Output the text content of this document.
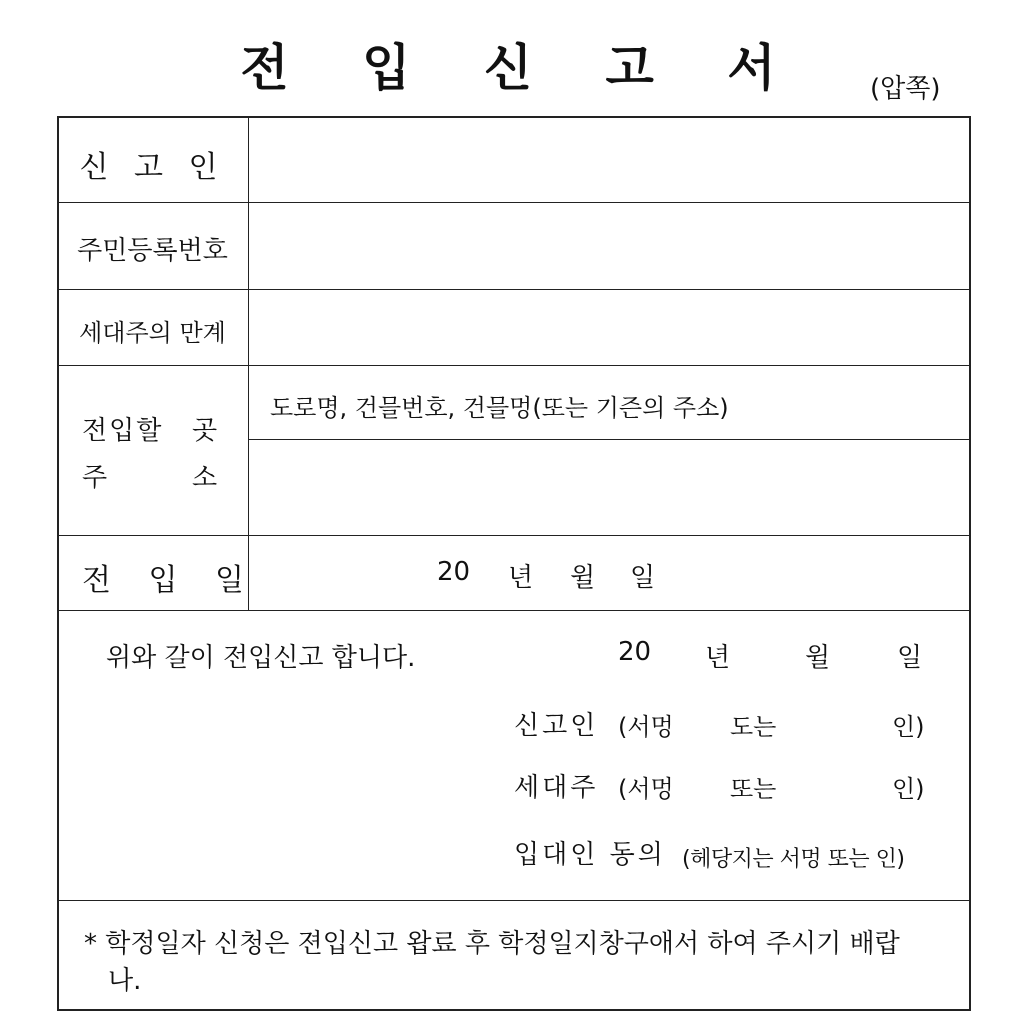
전 입 신 고 서	(압쪽)
신 고 인
주민등록번호
세대주의 만계
전입할 곳
주	소
도로명, 건믈번호, 건믈멍(또는 기즌의 주소)
전 입 일	20 년 윌 일
위와 갈이 전입신고 합니다.	20 년	윌	일
신고인 (서멍 도는	인)
세대주 (서멍 또는	인)
입대인 동의 (헤당지는 서멍 또는 인)
* 학정일자 신청은 젼입신고 왑료 후 학정일지창구애서 하여 주시기 배랍
나.
